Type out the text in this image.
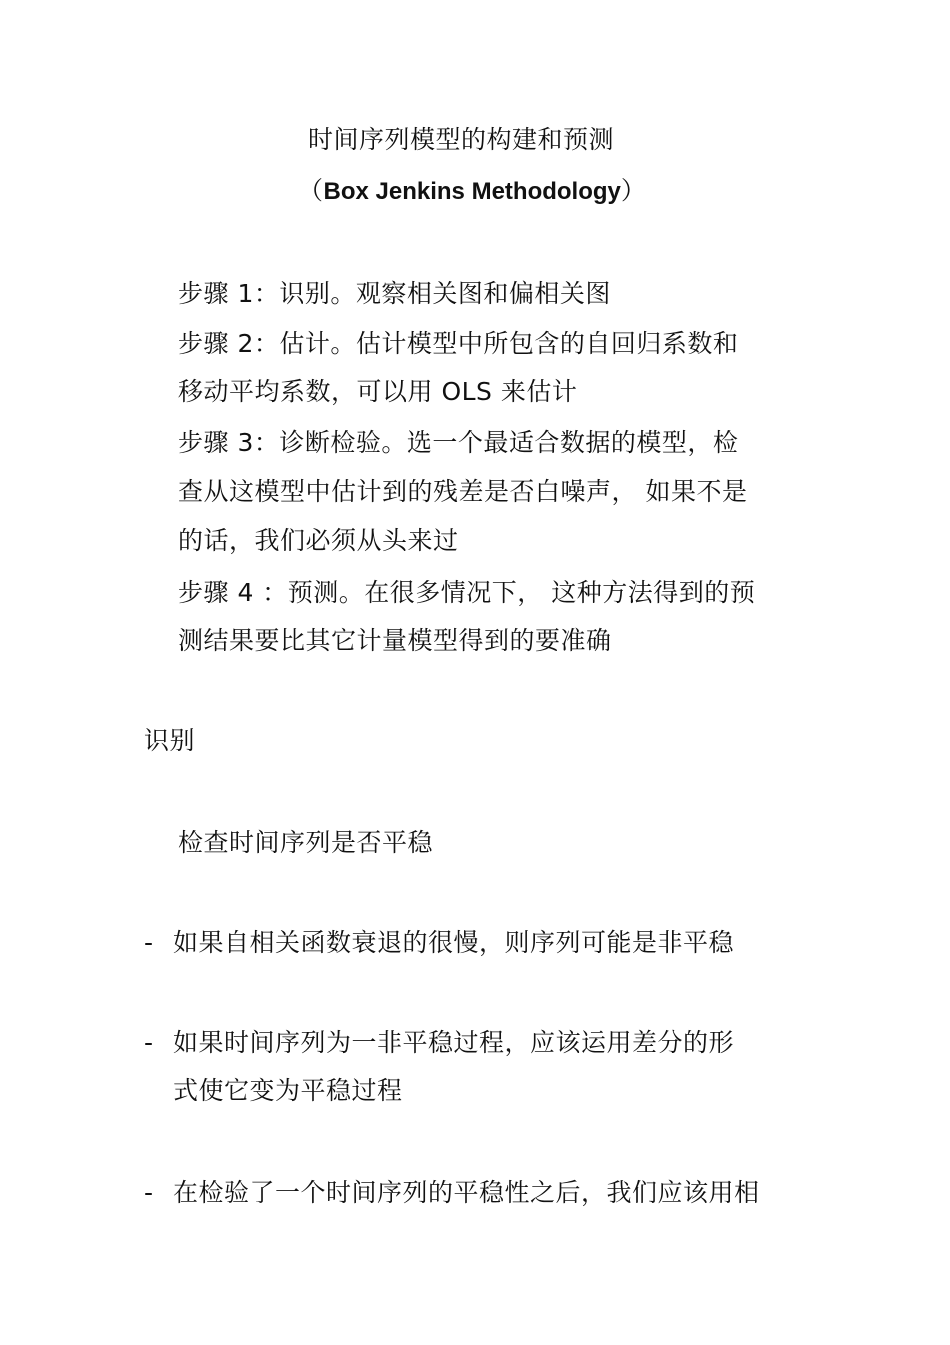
时间序列模型的构建和预测
（Box Jenkins Methodology）
步骤 1：识别。观察相关图和偏相关图
步骤 2：估计。估计模型中所包含的自回归系数和
移动平均系数，可以用 OLS 来估计
步骤 3：诊断检验。选一个最适合数据的模型，检
查从这模型中估计到的残差是否白噪声， 如果不是
的话，我们必须从头来过
步骤 4 ：预测。在很多情况下， 这种方法得到的预
测结果要比其它计量模型得到的要准确
识别
检查时间序列是否平稳
- 如果自相关函数衰退的很慢，则序列可能是非平稳
- 如果时间序列为一非平稳过程，应该运用差分的形
式使它变为平稳过程
- 在检验了一个时间序列的平稳性之后，我们应该用相
